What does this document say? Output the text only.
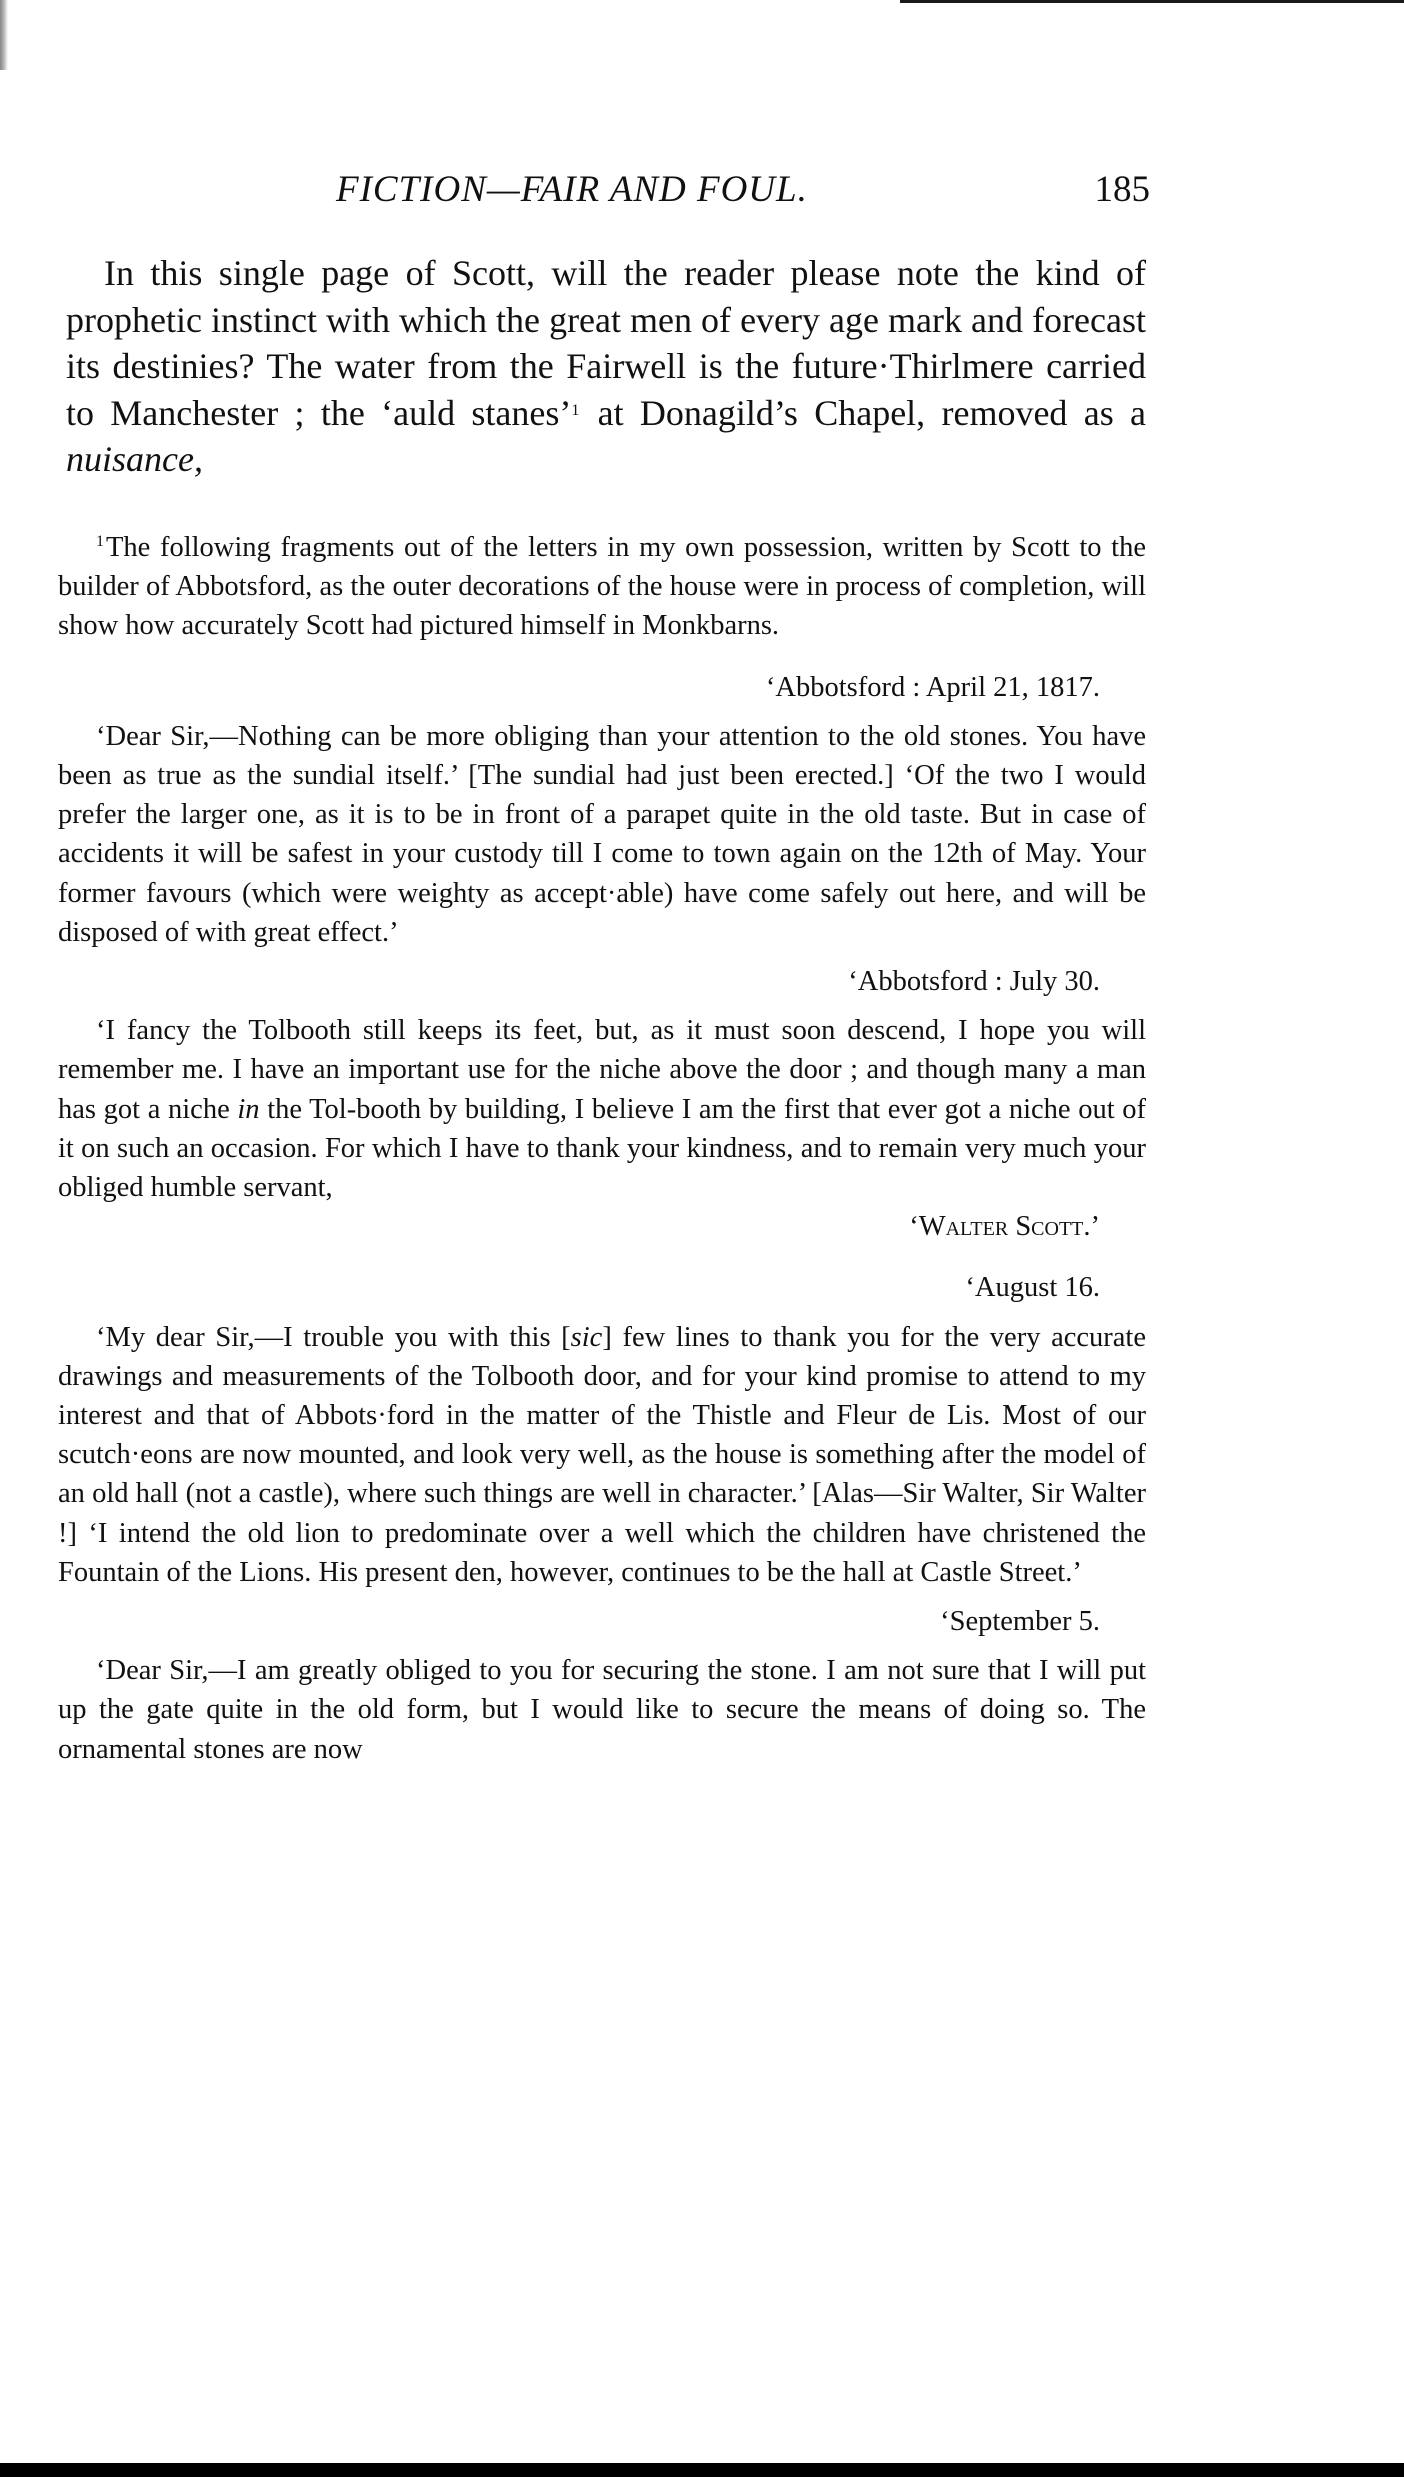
FICTION—FAIR AND FOUL.	185

In this single page of Scott, will the reader please note the kind of prophetic instinct with which the great men of every age mark and forecast its destinies? The water from the Fairwell is the future·Thirlmere carried to Manchester ; the ‘auld stanes’$^1$ at Donagild’s Chapel, removed as a nuisance,

$^1$The following fragments out of the letters in my own possession, written by Scott to the builder of Abbotsford, as the outer decorations of the house were in process of completion, will show how accurately Scott had pictured himself in Monkbarns.

‘Abbotsford : April 21, 1817.

‘Dear Sir,—Nothing can be more obliging than your attention to the old stones. You have been as true as the sundial itself.’ [The sundial had just been erected.] ‘Of the two I would prefer the larger one, as it is to be in front of a parapet quite in the old taste. But in case of accidents it will be safest in your custody till I come to town again on the 12th of May. Your former favours (which were weighty as accept·able) have come safely out here, and will be disposed of with great effect.’

‘Abbotsford : July 30.

‘I fancy the Tolbooth still keeps its feet, but, as it must soon descend, I hope you will remember me. I have an important use for the niche above the door ; and though many a man has got a niche in the Tol-booth by building, I believe I am the first that ever got a niche out of it on such an occasion. For which I have to thank your kindness, and to remain very much your obliged humble servant,

‘Walter Scott.’

‘August 16.

‘My dear Sir,—I trouble you with this [sic] few lines to thank you for the very accurate drawings and measurements of the Tolbooth door, and for your kind promise to attend to my interest and that of Abbots·ford in the matter of the Thistle and Fleur de Lis. Most of our scutch·eons are now mounted, and look very well, as the house is something after the model of an old hall (not a castle), where such things are well in character.’ [Alas—Sir Walter, Sir Walter !] ‘I intend the old lion to predominate over a well which the children have christened the Fountain of the Lions. His present den, however, continues to be the hall at Castle Street.’

‘September 5.

‘Dear Sir,—I am greatly obliged to you for securing the stone. I am not sure that I will put up the gate quite in the old form, but I would like to secure the means of doing so. The ornamental stones are now
